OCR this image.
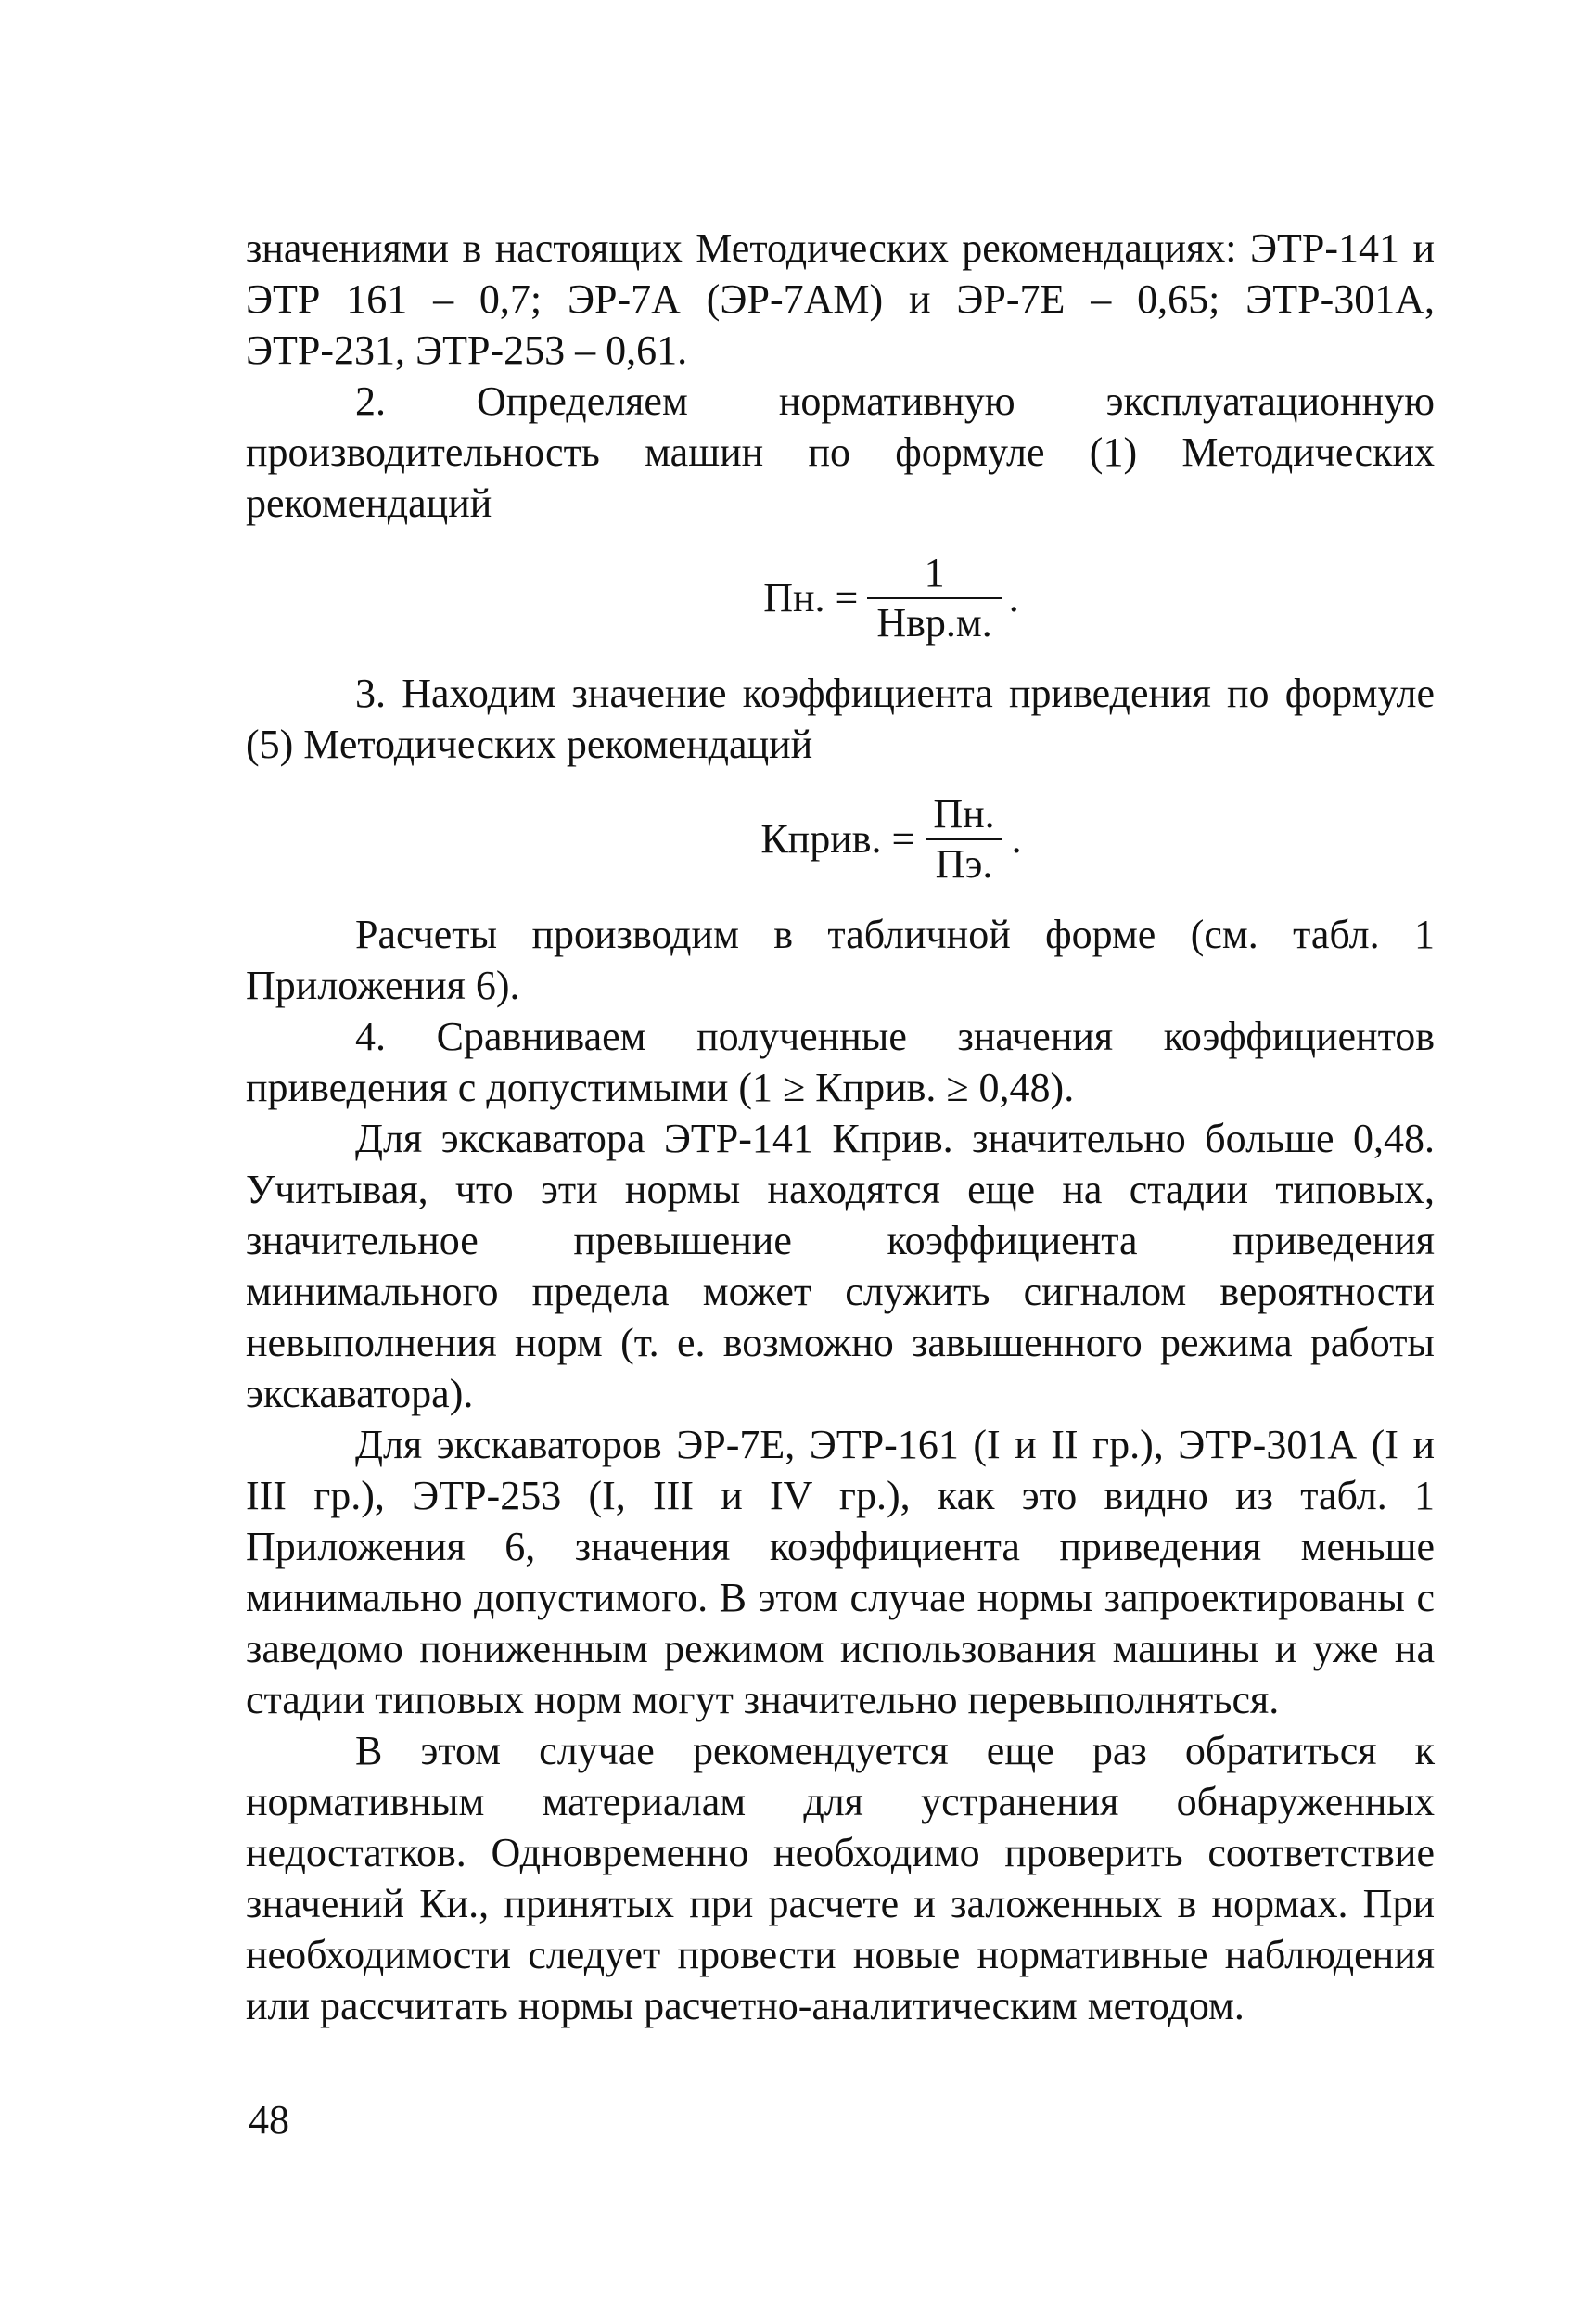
значениями в настоящих Методических рекомендациях: ЭТР-141 и ЭТР 161 – 0,7; ЭР-7А (ЭР-7АМ) и ЭР-7Е – 0,65; ЭТР-301А, ЭТР-231, ЭТР-253 – 0,61.

2. Определяем нормативную эксплуатационную производительность машин по формуле (1) Методических рекомендаций

Пн. = $\frac{1}{\text{Нвр.м.}}$ .

3. Находим значение коэффициента приведения по формуле (5) Методических рекомендаций

Кприв. = $\frac{Пн.}{Пэ.}$ .

Расчеты производим в табличной форме (см. табл. 1 Приложения 6).

4. Сравниваем полученные значения коэффициентов приведения с допустимыми (1 ≥ Кприв. ≥ 0,48).

Для экскаватора ЭТР-141 Кприв. значительно больше 0,48. Учитывая, что эти нормы находятся еще на стадии типовых, значительное превышение коэффициента приведения минимального предела может служить сигналом вероятности невыполнения норм (т. е. возможно завышенного режима работы экскаватора).

Для экскаваторов ЭР-7Е, ЭТР-161 (I и II гр.), ЭТР-301А (I и III гр.), ЭТР-253 (I, III и IV гр.), как это видно из табл. 1 Приложения 6, значения коэффициента приведения меньше минимально допустимого. В этом случае нормы запроектированы с заведомо пониженным режимом использования машины и уже на стадии типовых норм могут значительно перевыполняться.

В этом случае рекомендуется еще раз обратиться к нормативным материалам для устранения обнаруженных недостатков. Одновременно необходимо проверить соответствие значений Ки., принятых при расчете и заложенных в нормах. При необходимости следует провести новые нормативные наблюдения или рассчитать нормы расчетно-аналитическим методом.

48
